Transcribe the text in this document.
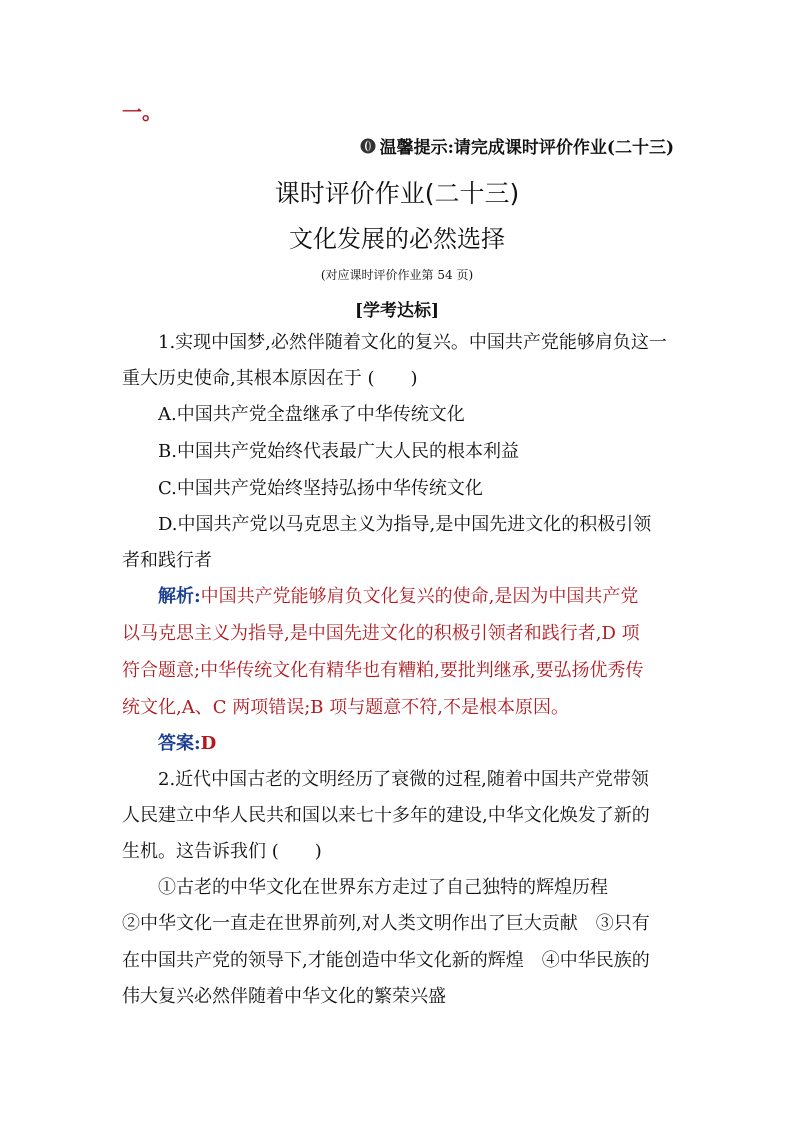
一。
温馨提示:请完成课时评价作业(二十三)
课时评价作业(二十三)
文化发展的必然选择
(对应课时评价作业第 54 页)
[学考达标]
1.实现中国梦,必然伴随着文化的复兴。中国共产党能够肩负这一
重大历史使命,其根本原因在于 (　　)
A.中国共产党全盘继承了中华传统文化
B.中国共产党始终代表最广大人民的根本利益
C.中国共产党始终坚持弘扬中华传统文化
D.中国共产党以马克思主义为指导,是中国先进文化的积极引领
者和践行者
解析:中国共产党能够肩负文化复兴的使命,是因为中国共产党
以马克思主义为指导,是中国先进文化的积极引领者和践行者,D 项
符合题意;中华传统文化有精华也有糟粕,要批判继承,要弘扬优秀传
统文化,A、C 两项错误;B 项与题意不符,不是根本原因。
答案:D
2.近代中国古老的文明经历了衰微的过程,随着中国共产党带领
人民建立中华人民共和国以来七十多年的建设,中华文化焕发了新的
生机。这告诉我们 (　　)
①古老的中华文化在世界东方走过了自己独特的辉煌历程
②中华文化一直走在世界前列,对人类文明作出了巨大贡献　③只有
在中国共产党的领导下,才能创造中华文化新的辉煌　④中华民族的
伟大复兴必然伴随着中华文化的繁荣兴盛
